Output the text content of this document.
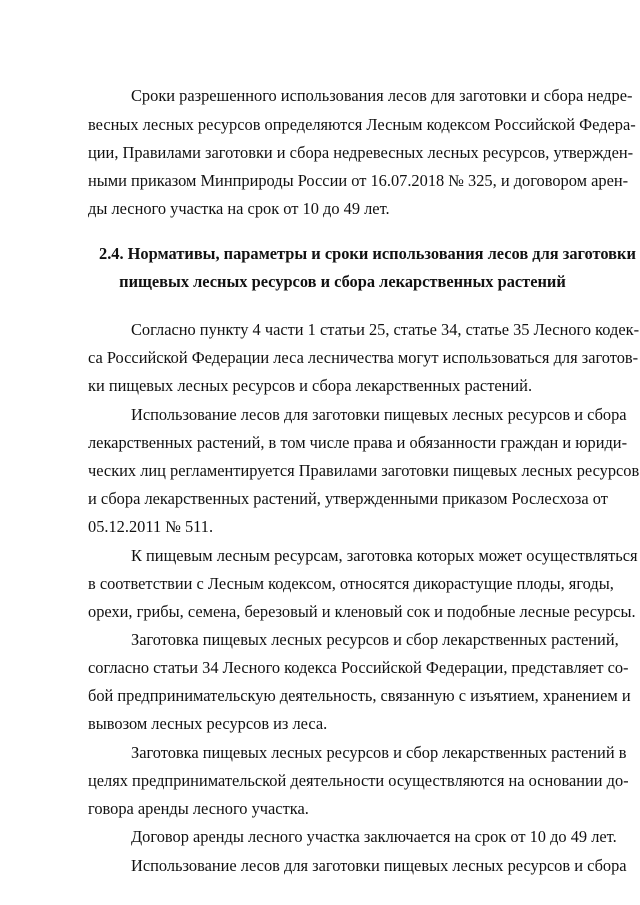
Сроки разрешенного использования лесов для заготовки и сбора недре-
весных лесных ресурсов определяются Лесным кодексом Российской Федера-
ции, Правилами заготовки и сбора недревесных лесных ресурсов, утвержден-
ными приказом Минприроды России от 16.07.2018 № 325, и договором арен-
ды лесного участка на срок от 10 до 49 лет.
2.4. Нормативы, параметры и сроки использования лесов для заготовки
пищевых лесных ресурсов и сбора лекарственных растений
Согласно пункту 4 части 1 статьи 25, статье 34, статье 35 Лесного кодек-
са Российской Федерации леса лесничества могут использоваться для заготов-
ки пищевых лесных ресурсов и сбора лекарственных растений.
Использование лесов для заготовки пищевых лесных ресурсов и сбора
лекарственных растений, в том числе права и обязанности граждан и юриди-
ческих лиц регламентируется Правилами заготовки пищевых лесных ресурсов
и сбора лекарственных растений, утвержденными приказом Рослесхоза от
05.12.2011 № 511.
К пищевым лесным ресурсам, заготовка которых может осуществляться
в соответствии с Лесным кодексом, относятся дикорастущие плоды, ягоды,
орехи, грибы, семена, березовый и кленовый сок и подобные лесные ресурсы.
Заготовка пищевых лесных ресурсов и сбор лекарственных растений,
согласно статьи 34 Лесного кодекса Российской Федерации, представляет со-
бой предпринимательскую деятельность, связанную с изъятием, хранением и
вывозом лесных ресурсов из леса.
Заготовка пищевых лесных ресурсов и сбор лекарственных растений в
целях предпринимательской деятельности осуществляются на основании до-
говора аренды лесного участка.
Договор аренды лесного участка заключается на срок от 10 до 49 лет.
Использование лесов для заготовки пищевых лесных ресурсов и сбора
